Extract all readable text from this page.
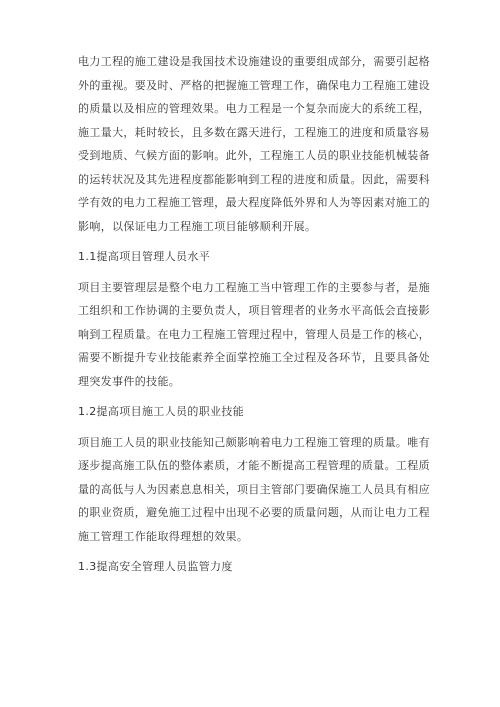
电力工程的施工建设是我国技术设施建设的重要组成部分，需要引起格外的重视。要及时、严格的把握施工管理工作，确保电力工程施工建设的质量以及相应的管理效果。电力工程是一个复杂而庞大的系统工程，施工量大，耗时较长，且多数在露天进行，工程施工的进度和质量容易受到地质、气候方面的影响。此外，工程施工人员的职业技能机械装备的运转状况及其先进程度都能影响到工程的进度和质量。因此，需要科学有效的电力工程施工管理，最大程度降低外界和人为等因素对施工的影响，以保证电力工程施工项目能够顺利开展。

1.1提高项目管理人员水平

项目主要管理层是整个电力工程施工当中管理工作的主要参与者，是施工组织和工作协调的主要负责人，项目管理者的业务水平高低会直接影响到工程质量。在电力工程施工管理过程中，管理人员是工作的核心，需要不断提升专业技能素养全面掌控施工全过程及各环节，且要具备处理突发事件的技能。

1.2提高项目施工人员的职业技能

项目施工人员的职业技能知己颇影响着电力工程施工管理的质量。唯有逐步提高施工队伍的整体素质，才能不断提高工程管理的质量。工程质量的高低与人为因素息息相关，项目主管部门要确保施工人员具有相应的职业资质，避免施工过程中出现不必要的质量问题，从而让电力工程施工管理工作能取得理想的效果。

1.3提高安全管理人员监管力度
